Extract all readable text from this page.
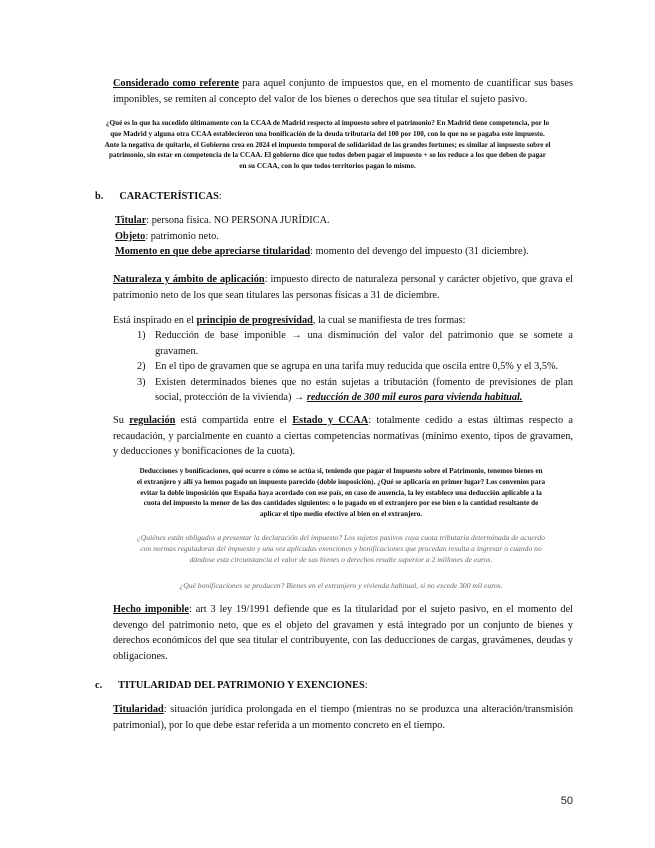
Considerado como referente para aquel conjunto de impuestos que, en el momento de cuantificar sus bases imponibles, se remiten al concepto del valor de los bienes o derechos que sea titular el sujeto pasivo.

¿Qué es lo que ha sucedido últimamente con la CCAA de Madrid respecto al impuesto sobre el patrimonio? En Madrid tiene competencia, por lo

que Madrid y alguna otra CCAA establecieron una bonificación de la deuda tributaria del 100 por 100, con lo que no se pagaba este impuesto.

Ante la negativa de quitarlo, el Gobierno crea en 2024 el impuesto temporal de solidaridad de las grandes fortunes; es similar al impuesto sobre el

patrimonio, sin estar en competencia de la CCAA. El gobierno dice que todos deben pagar el impuesto + so los reduce a los que deben de pagar

en su CCAA, con lo que todos territorios pagan lo mismo.

b. CARACTERÍSTICAS:

Titular: persona física. NO PERSONA JURÍDICA.

Objeto: patrimonio neto.

Momento en que debe apreciarse titularidad: momento del devengo del impuesto (31 diciembre).

Naturaleza y ámbito de aplicación: impuesto directo de naturaleza personal y carácter objetivo, que grava el patrimonio neto de los que sean titulares las personas físicas a 31 de diciembre.

Está inspirado en el principio de progresividad, la cual se manifiesta de tres formas:

1) Reducción de base imponible → una disminución del valor del patrimonio que se somete a gravamen.
2) En el tipo de gravamen que se agrupa en una tarifa muy reducida que oscila entre 0,5% y el 3,5%.
3) Existen determinados bienes que no están sujetas a tributación (fomento de previsiones de plan social, protección de la vivienda) → reducción de 300 mil euros para vivienda habitual.

Su regulación está compartida entre el Estado y CCAA: totalmente cedido a estas últimas respecto a recaudación, y parcialmente en cuanto a ciertas competencias normativas (mínimo exento, tipos de gravamen, y deducciones y bonificaciones de la cuota).

Deducciones y bonificaciones, qué ocurre o cómo se actúa si, teniendo que pagar el Impuesto sobre el Patrimonio, tenemos bienes en

el extranjero y allí ya hemos pagado un impuesto parecido (doble imposición). ¿Qué se aplicaría en primer lugar? Los convenios para

evitar la doble imposición que España haya acordado con ese país, en caso de ausencia, la ley establece una deducción aplicable a la

cuota del impuesto la menor de las dos cantidades siguientes: o lo pagado en el extranjero por ese bien o la cantidad resultante de

aplicar el tipo medio efectivo al bien en el extranjero.

¿Quiénes están obligados a presentar la declaración del impuesto? Los sujetos pasivos cuya cuota tributaria determinada de acuerdo

con normas reguladoras del impuesto y una vez aplicadas exenciones y bonificaciones que procedan resulta a ingresar o cuando no

dándose esta circunstancia el valor de sus bienes o derechos resulte superior a 2 millones de euros.

¿Qué bonificaciones se producen? Bienes en el extranjero y vivienda habitual, si no excede 300 mil euros.

Hecho imponible: art 3 ley 19/1991 defiende que es la titularidad por el sujeto pasivo, en el momento del devengo del patrimonio neto, que es el objeto del gravamen y está integrado por un conjunto de bienes y derechos económicos del que sea titular el contribuyente, con las deducciones de cargas, gravámenes, deudas y obligaciones.

c. TITULARIDAD DEL PATRIMONIO Y EXENCIONES:

Titularidad: situación jurídica prolongada en el tiempo (mientras no se produzca una alteración/transmisión patrimonial), por lo que debe estar referida a un momento concreto en el tiempo.

50
